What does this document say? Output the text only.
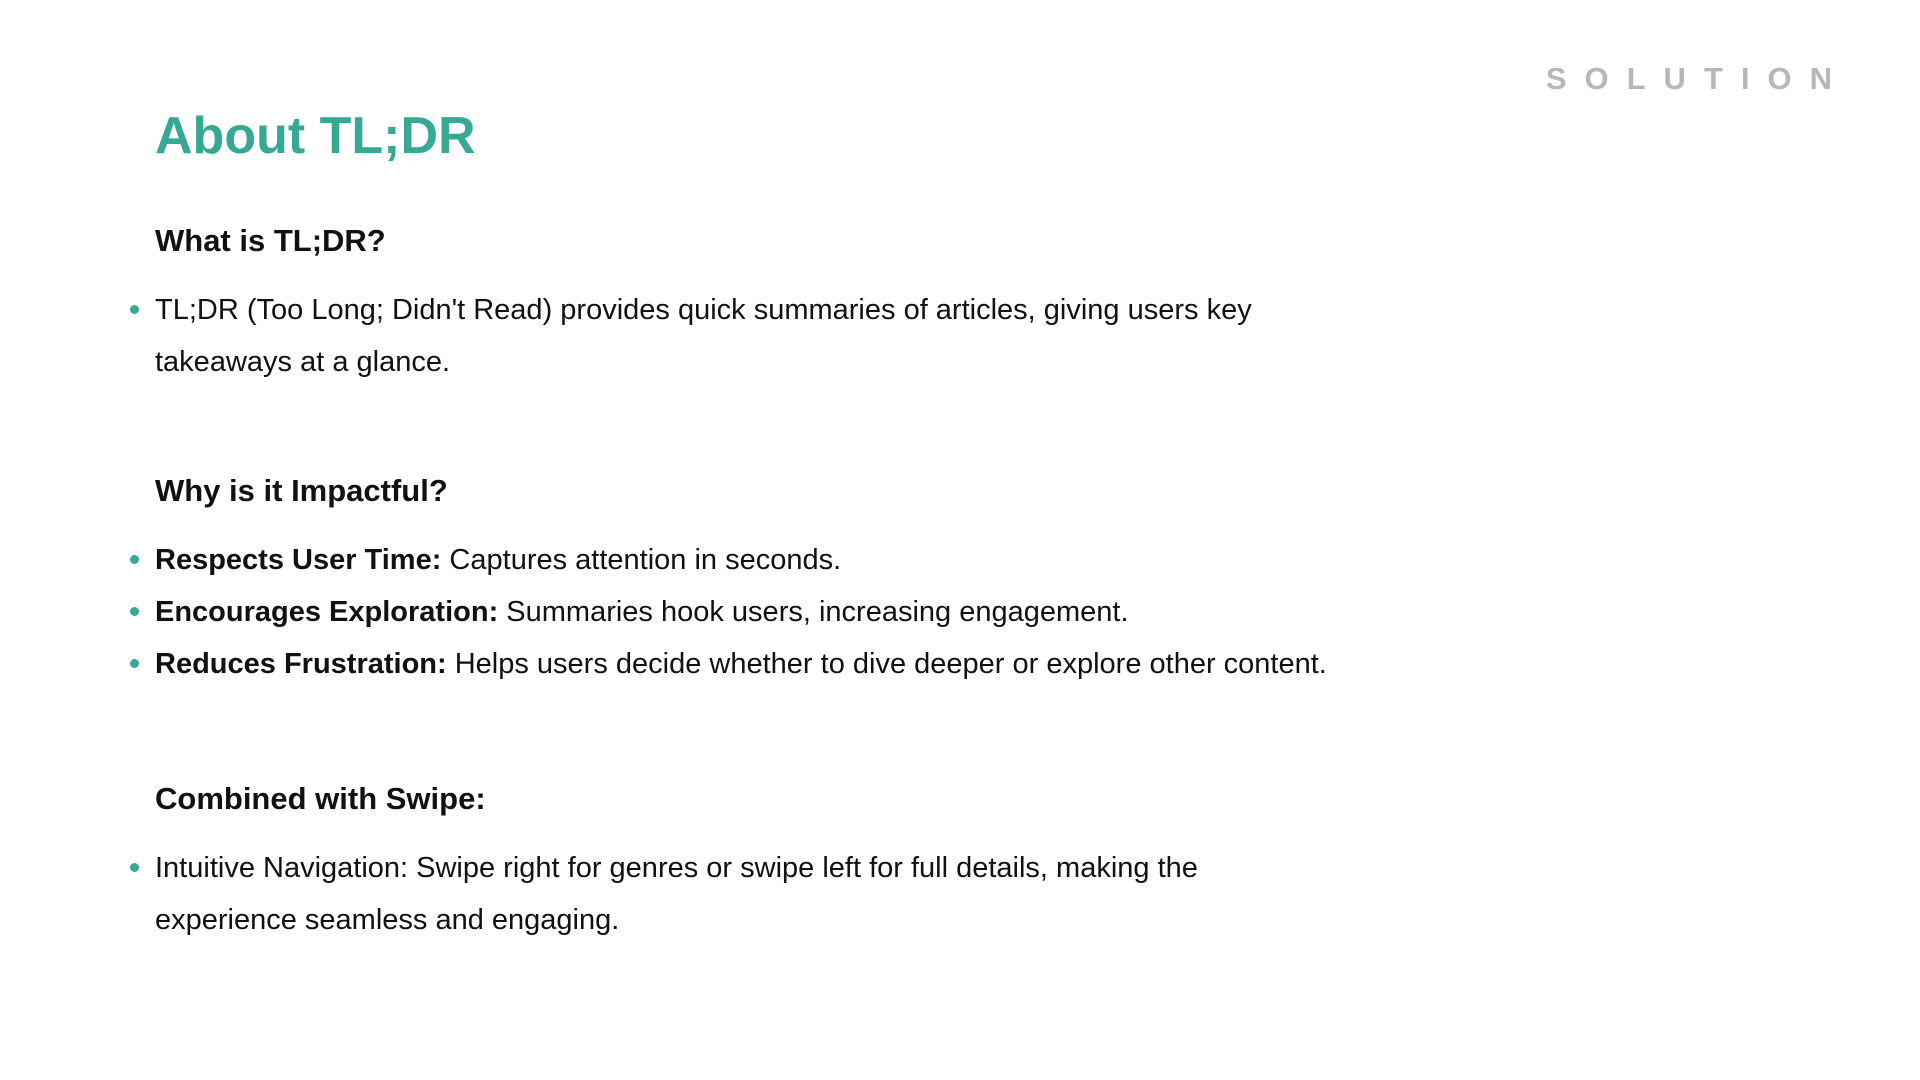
SOLUTION
About TL;DR
What is TL;DR?
TL;DR (Too Long; Didn't Read) provides quick summaries of articles, giving users key takeaways at a glance.
Why is it Impactful?
Respects User Time: Captures attention in seconds.
Encourages Exploration: Summaries hook users, increasing engagement.
Reduces Frustration: Helps users decide whether to dive deeper or explore other content.
Combined with Swipe:
Intuitive Navigation: Swipe right for genres or swipe left for full details, making the experience seamless and engaging.
